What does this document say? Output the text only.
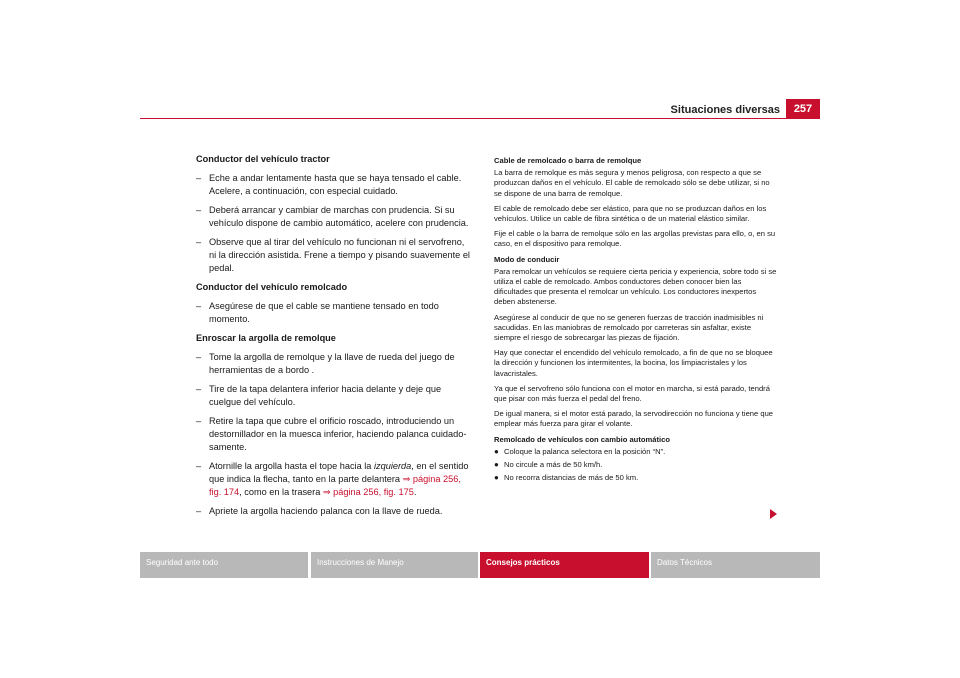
Situaciones diversas	257
Conductor del vehículo tractor
– Eche a andar lentamente hasta que se haya tensado el cable. Acelere, a continuación, con especial cuidado.
– Deberá arrancar y cambiar de marchas con prudencia. Si su vehículo dispone de cambio automático, acelere con prudencia.
– Observe que al tirar del vehículo no funcionan ni el servofreno, ni la dirección asistida. Frene a tiempo y pisando suavemente el pedal.
Conductor del vehículo remolcado
– Asegúrese de que el cable se mantiene tensado en todo momento.
Enroscar la argolla de remolque
– Tome la argolla de remolque y la llave de rueda del juego de herramientas de a bordo .
– Tire de la tapa delantera inferior hacia delante y deje que cuelgue del vehículo.
– Retire la tapa que cubre el orificio roscado, introduciendo un destornillador en la muesca inferior, haciendo palanca cuidadosamente.
– Atornille la argolla hasta el tope hacia la izquierda, en el sentido que indica la flecha, tanto en la parte delantera ⇒ página 256, fig. 174, como en la trasera ⇒ página 256, fig. 175.
– Apriete la argolla haciendo palanca con la llave de rueda.
Cable de remolcado o barra de remolque
La barra de remolque es más segura y menos peligrosa, con respecto a que se produzcan daños en el vehículo. El cable de remolcado sólo se debe utilizar, si no se dispone de una barra de remolque.
El cable de remolcado debe ser elástico, para que no se produzcan daños en los vehículos. Utilice un cable de fibra sintética o de un material elástico similar.
Fije el cable o la barra de remolque sólo en las argollas previstas para ello, o, en su caso, en el dispositivo para remolque.
Modo de conducir
Para remolcar un vehículos se requiere cierta pericia y experiencia, sobre todo si se utiliza el cable de remolcado. Ambos conductores deben conocer bien las dificultades que presenta el remolcar un vehículo. Los conductores inexpertos deben abstenerse.
Asegúrese al conducir de que no se generen fuerzas de tracción inadmisibles ni sacudidas. En las maniobras de remolcado por carreteras sin asfaltar, existe siempre el riesgo de sobrecargar las piezas de fijación.
Hay que conectar el encendido del vehículo remolcado, a fin de que no se bloquee la dirección y funcionen los intermitentes, la bocina, los limpiacristales y los lavacristales.
Ya que el servofreno sólo funciona con el motor en marcha, si está parado, tendrá que pisar con más fuerza el pedal del freno.
De igual manera, si el motor está parado, la servodirección no funciona y tiene que emplear más fuerza para girar el volante.
Remolcado de vehículos con cambio automático
● Coloque la palanca selectora en la posición “N”.
● No circule a más de 50 km/h.
● No recorra distancias de más de 50 km.
Seguridad ante todo	Instrucciones de Manejo	Consejos prácticos	Datos Técnicos
